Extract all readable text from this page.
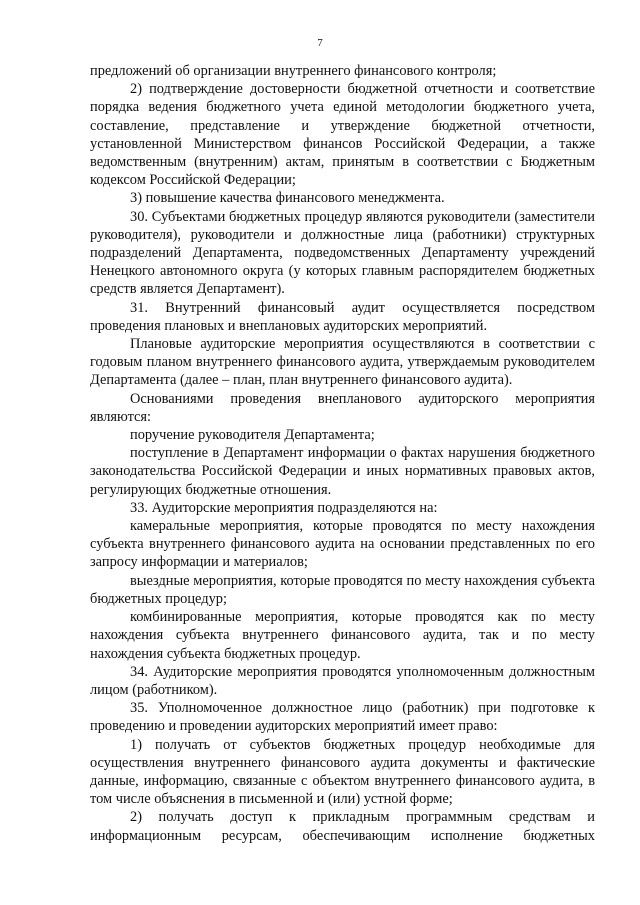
7

предложений об организации внутреннего финансового контроля;

2) подтверждение достоверности бюджетной отчетности и соответствие порядка ведения бюджетного учета единой методологии бюджетного учета, составление, представление и утверждение бюджетной отчетности, установленной Министерством финансов Российской Федерации, а также ведомственным (внутренним) актам, принятым в соответствии с Бюджетным кодексом Российской Федерации;

3) повышение качества финансового менеджмента.

30. Субъектами бюджетных процедур являются руководители (заместители руководителя), руководители и должностные лица (работники) структурных подразделений Департамента, подведомственных Департаменту учреждений Ненецкого автономного округа (у которых главным распорядителем бюджетных средств является Департамент).

31. Внутренний финансовый аудит осуществляется посредством проведения плановых и внеплановых аудиторских мероприятий.

Плановые аудиторские мероприятия осуществляются в соответствии с годовым планом внутреннего финансового аудита, утверждаемым руководителем Департамента (далее – план, план внутреннего финансового аудита).

Основаниями проведения внепланового аудиторского мероприятия являются:

поручение руководителя Департамента;

поступление в Департамент информации о фактах нарушения бюджетного законодательства Российской Федерации и иных нормативных правовых актов, регулирующих бюджетные отношения.

33. Аудиторские мероприятия подразделяются на:

камеральные мероприятия, которые проводятся по месту нахождения субъекта внутреннего финансового аудита на основании представленных по его запросу информации и материалов;

выездные мероприятия, которые проводятся по месту нахождения субъекта бюджетных процедур;

комбинированные мероприятия, которые проводятся как по месту нахождения субъекта внутреннего финансового аудита, так и по месту нахождения субъекта бюджетных процедур.

34. Аудиторские мероприятия проводятся уполномоченным должностным лицом (работником).

35. Уполномоченное должностное лицо (работник) при подготовке к проведению и проведении аудиторских мероприятий имеет право:

1) получать от субъектов бюджетных процедур необходимые для осуществления внутреннего финансового аудита документы и фактические данные, информацию, связанные с объектом внутреннего финансового аудита, в том числе объяснения в письменной и (или) устной форме;

2) получать доступ к прикладным программным средствам и информационным ресурсам, обеспечивающим исполнение бюджетных
